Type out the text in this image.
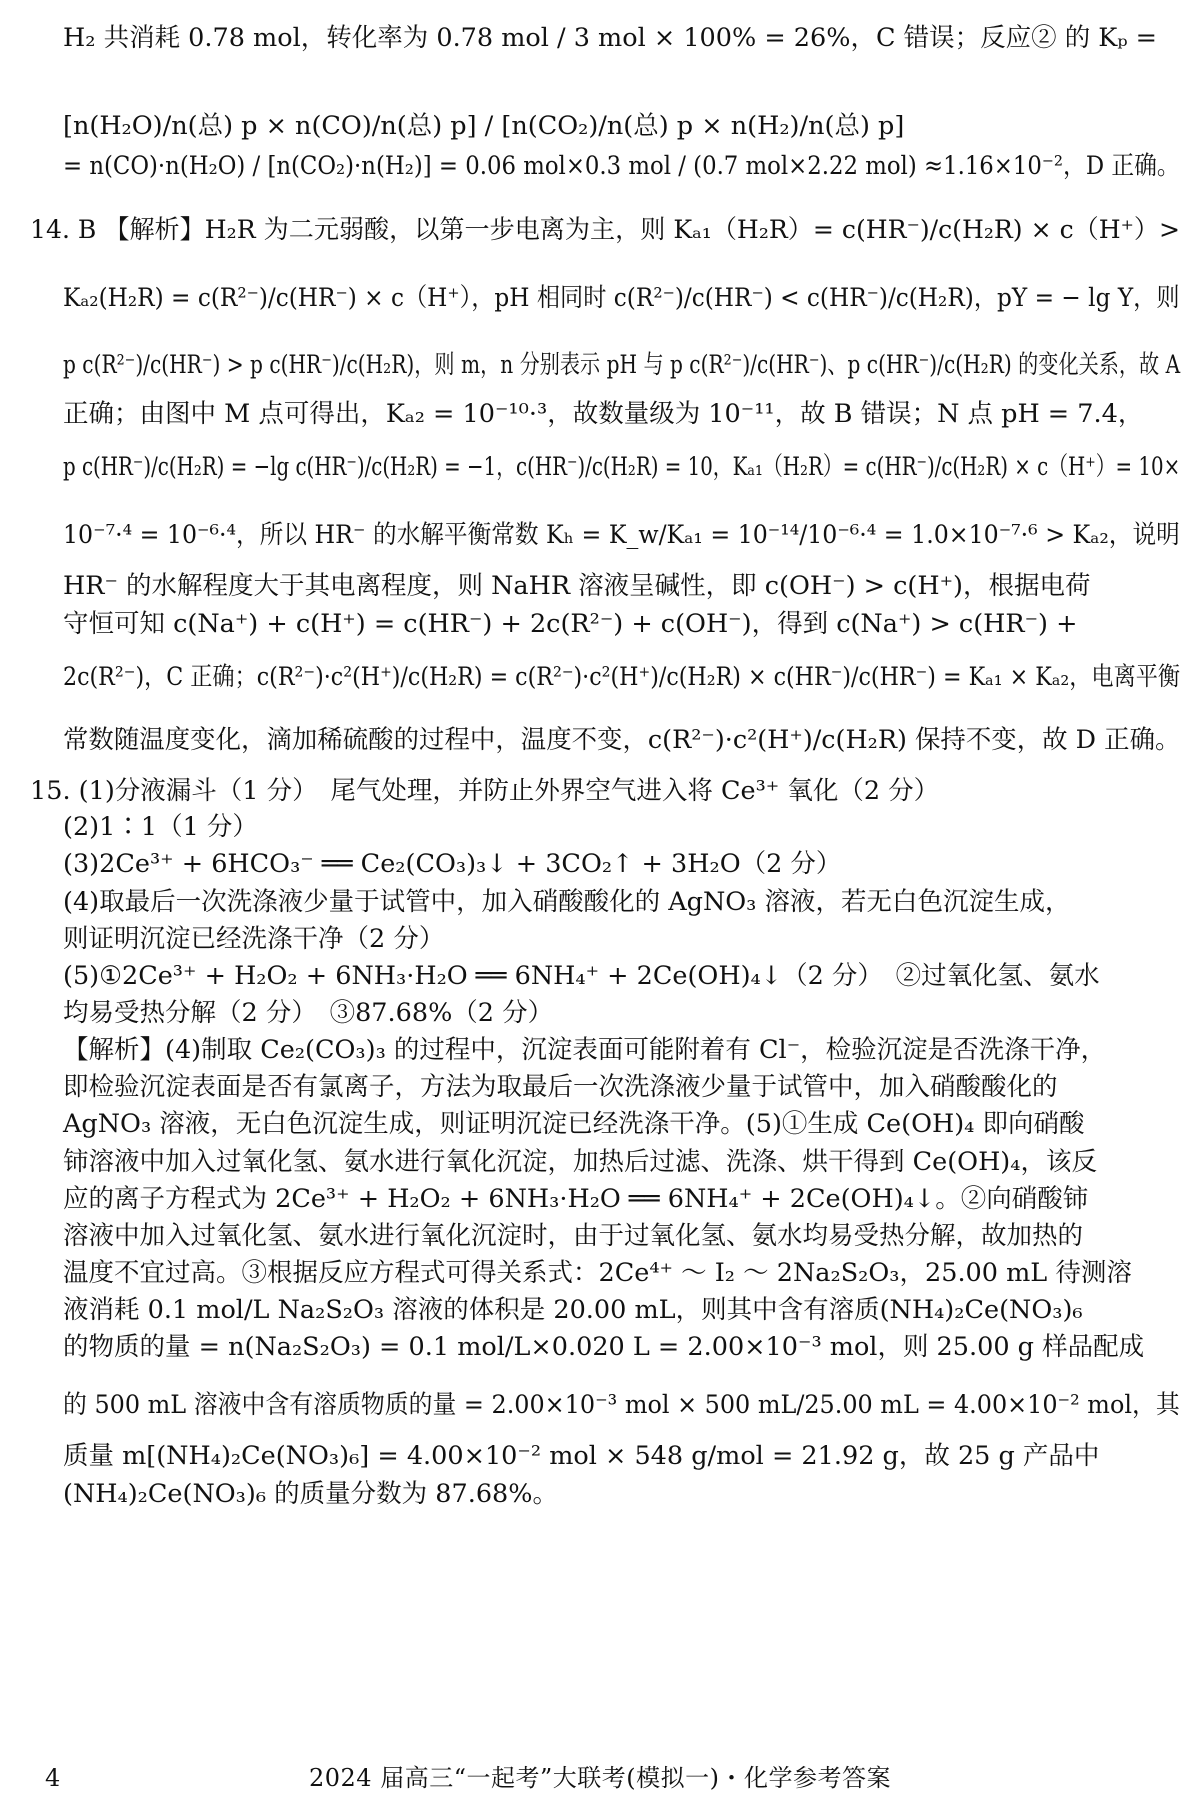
H₂ 共消耗 0.78 mol，转化率为 0.78 mol / 3 mol × 100% = 26%，C 错误；反应② 的 Kₚ =
[n(H₂O)/n(总) p × n(CO)/n(总) p] / [n(CO₂)/n(总) p × n(H₂)/n(总) p]
= n(CO)·n(H₂O) / [n(CO₂)·n(H₂)] = 0.06 mol×0.3 mol / (0.7 mol×2.22 mol) ≈1.16×10⁻²，D 正确。
14. B 【解析】H₂R 为二元弱酸，以第一步电离为主，则 Kₐ₁（H₂R）= c(HR⁻)/c(H₂R) × c（H⁺）>
Kₐ₂(H₂R) = c(R²⁻)/c(HR⁻) × c（H⁺），pH 相同时 c(R²⁻)/c(HR⁻) < c(HR⁻)/c(H₂R)，pY = − lg Y，则
p c(R²⁻)/c(HR⁻) > p c(HR⁻)/c(H₂R)，则 m，n 分别表示 pH 与 p c(R²⁻)/c(HR⁻)、p c(HR⁻)/c(H₂R) 的变化关系，故 A
正确；由图中 M 点可得出，Kₐ₂ = 10⁻¹⁰·³，故数量级为 10⁻¹¹，故 B 错误；N 点 pH = 7.4，
p c(HR⁻)/c(H₂R) = −lg c(HR⁻)/c(H₂R) = −1，c(HR⁻)/c(H₂R) = 10，Kₐ₁（H₂R）= c(HR⁻)/c(H₂R) × c（H⁺）= 10×
10⁻⁷·⁴ = 10⁻⁶·⁴，所以 HR⁻ 的水解平衡常数 Kₕ = K_w/Kₐ₁ = 10⁻¹⁴/10⁻⁶·⁴ = 1.0×10⁻⁷·⁶ > Kₐ₂，说明
HR⁻ 的水解程度大于其电离程度，则 NaHR 溶液呈碱性，即 c(OH⁻) > c(H⁺)，根据电荷
守恒可知 c(Na⁺) + c(H⁺) = c(HR⁻) + 2c(R²⁻) + c(OH⁻)，得到 c(Na⁺) > c(HR⁻) +
2c(R²⁻)，C 正确；c(R²⁻)·c²(H⁺)/c(H₂R) = c(R²⁻)·c²(H⁺)/c(H₂R) × c(HR⁻)/c(HR⁻) = Kₐ₁ × Kₐ₂，电离平衡
常数随温度变化，滴加稀硫酸的过程中，温度不变，c(R²⁻)·c²(H⁺)/c(H₂R) 保持不变，故 D 正确。
15. (1)分液漏斗（1 分）　尾气处理，并防止外界空气进入将 Ce³⁺ 氧化（2 分）
(2)1∶1（1 分）
(3)2Ce³⁺ + 6HCO₃⁻ ══ Ce₂(CO₃)₃↓ + 3CO₂↑ + 3H₂O（2 分）
(4)取最后一次洗涤液少量于试管中，加入硝酸酸化的 AgNO₃ 溶液，若无白色沉淀生成，
则证明沉淀已经洗涤干净（2 分）
(5)①2Ce³⁺ + H₂O₂ + 6NH₃·H₂O ══ 6NH₄⁺ + 2Ce(OH)₄↓（2 分）　②过氧化氢、氨水
均易受热分解（2 分）　③87.68%（2 分）
【解析】(4)制取 Ce₂(CO₃)₃ 的过程中，沉淀表面可能附着有 Cl⁻，检验沉淀是否洗涤干净，
即检验沉淀表面是否有氯离子，方法为取最后一次洗涤液少量于试管中，加入硝酸酸化的
AgNO₃ 溶液，无白色沉淀生成，则证明沉淀已经洗涤干净。(5)①生成 Ce(OH)₄ 即向硝酸
铈溶液中加入过氧化氢、氨水进行氧化沉淀，加热后过滤、洗涤、烘干得到 Ce(OH)₄，该反
应的离子方程式为 2Ce³⁺ + H₂O₂ + 6NH₃·H₂O ══ 6NH₄⁺ + 2Ce(OH)₄↓。②向硝酸铈
溶液中加入过氧化氢、氨水进行氧化沉淀时，由于过氧化氢、氨水均易受热分解，故加热的
温度不宜过高。③根据反应方程式可得关系式：2Ce⁴⁺ ～ I₂ ～ 2Na₂S₂O₃，25.00 mL 待测溶
液消耗 0.1 mol/L Na₂S₂O₃ 溶液的体积是 20.00 mL，则其中含有溶质(NH₄)₂Ce(NO₃)₆
的物质的量 = n(Na₂S₂O₃) = 0.1 mol/L×0.020 L = 2.00×10⁻³ mol，则 25.00 g 样品配成
的 500 mL 溶液中含有溶质物质的量 = 2.00×10⁻³ mol × 500 mL/25.00 mL = 4.00×10⁻² mol，其
质量 m[(NH₄)₂Ce(NO₃)₆] = 4.00×10⁻² mol × 548 g/mol = 21.92 g，故 25 g 产品中
(NH₄)₂Ce(NO₃)₆ 的质量分数为 87.68%。
4	2024 届高三“一起考”大联考(模拟一)・化学参考答案
